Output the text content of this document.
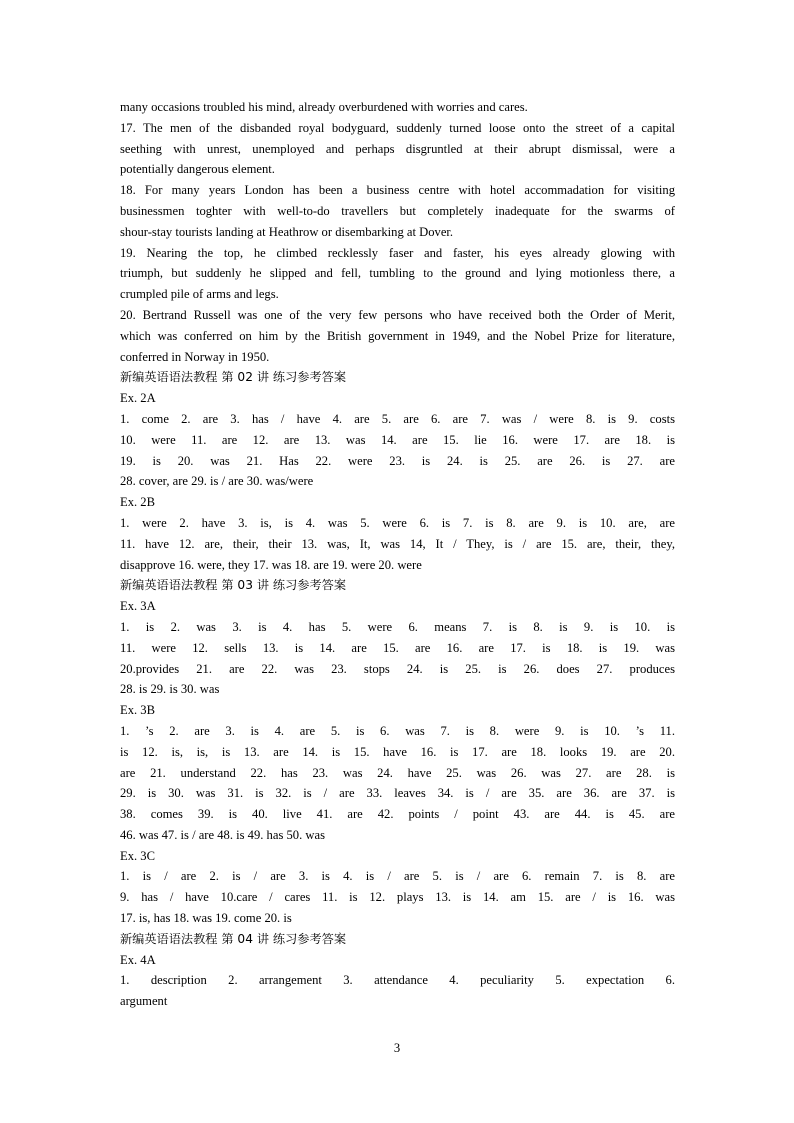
many occasions troubled his mind, already overburdened with worries and cares.
17. The men of the disbanded royal bodyguard, suddenly turned loose onto the street of a capital
seething with unrest, unemployed and perhaps disgruntled at their abrupt dismissal, were a
potentially dangerous element.
18. For many years London has been a business centre with hotel accommadation for visiting
businessmen toghter with well-to-do travellers but completely inadequate for the swarms of
shour-stay tourists landing at Heathrow or disembarking at Dover.
19. Nearing the top, he climbed recklessly faser and faster, his eyes already glowing with
triumph, but suddenly he slipped and fell, tumbling to the ground and lying motionless there, a
crumpled pile of arms and legs.
20. Bertrand Russell was one of the very few persons who have received both the Order of Merit,
which was conferred on him by the British government in 1949, and the Nobel Prize for literature,
conferred in Norway in 1950.
新编英语语法教程 第 02 讲 练习参考答案
Ex. 2A
1. come 2. are 3. has / have 4. are 5. are 6. are 7. was / were 8. is 9. costs
10. were 11. are 12. are 13. was 14. are 15. lie 16. were 17. are 18. is
19. is 20. was 21. Has 22. were 23. is 24. is 25. are 26. is 27. are
28. cover, are 29. is / are 30. was/were
Ex. 2B
1. were 2. have 3. is, is 4. was 5. were 6. is 7. is 8. are 9. is 10. are, are
11. have 12. are, their, their 13. was, It, was 14, It / They, is / are 15. are, their, they,
disapprove 16. were, they 17. was 18. are 19. were 20. were
新编英语语法教程 第 03 讲 练习参考答案
Ex. 3A
1. is 2. was 3. is 4. has 5. were 6. means 7. is 8. is 9. is 10. is
11. were 12. sells 13. is 14. are 15. are 16. are 17. is 18. is 19. was
20.provides 21. are 22. was 23. stops 24. is 25. is 26. does 27. produces
28. is 29. is 30. was
Ex. 3B
1. ’s 2. are 3. is 4. are 5. is 6. was 7. is 8. were 9. is 10. ’s 11.
is 12. is, is, is 13. are 14. is 15. have 16. is 17. are 18. looks 19. are 20.
are 21. understand 22. has 23. was 24. have 25. was 26. was 27. are 28. is
29. is 30. was 31. is 32. is / are 33. leaves 34. is / are 35. are 36. are 37. is
38. comes 39. is 40. live 41. are 42. points / point 43. are 44. is 45. are
46. was 47. is / are 48. is 49. has 50. was
Ex. 3C
1. is / are 2. is / are 3. is 4. is / are 5. is / are 6. remain 7. is 8. are
9. has / have 10.care / cares 11. is 12. plays 13. is 14. am 15. are / is 16. was
17. is, has 18. was 19. come 20. is
新编英语语法教程 第 04 讲 练习参考答案
Ex. 4A
1. description 2. arrangement 3. attendance 4. peculiarity 5. expectation 6.
argument
3
